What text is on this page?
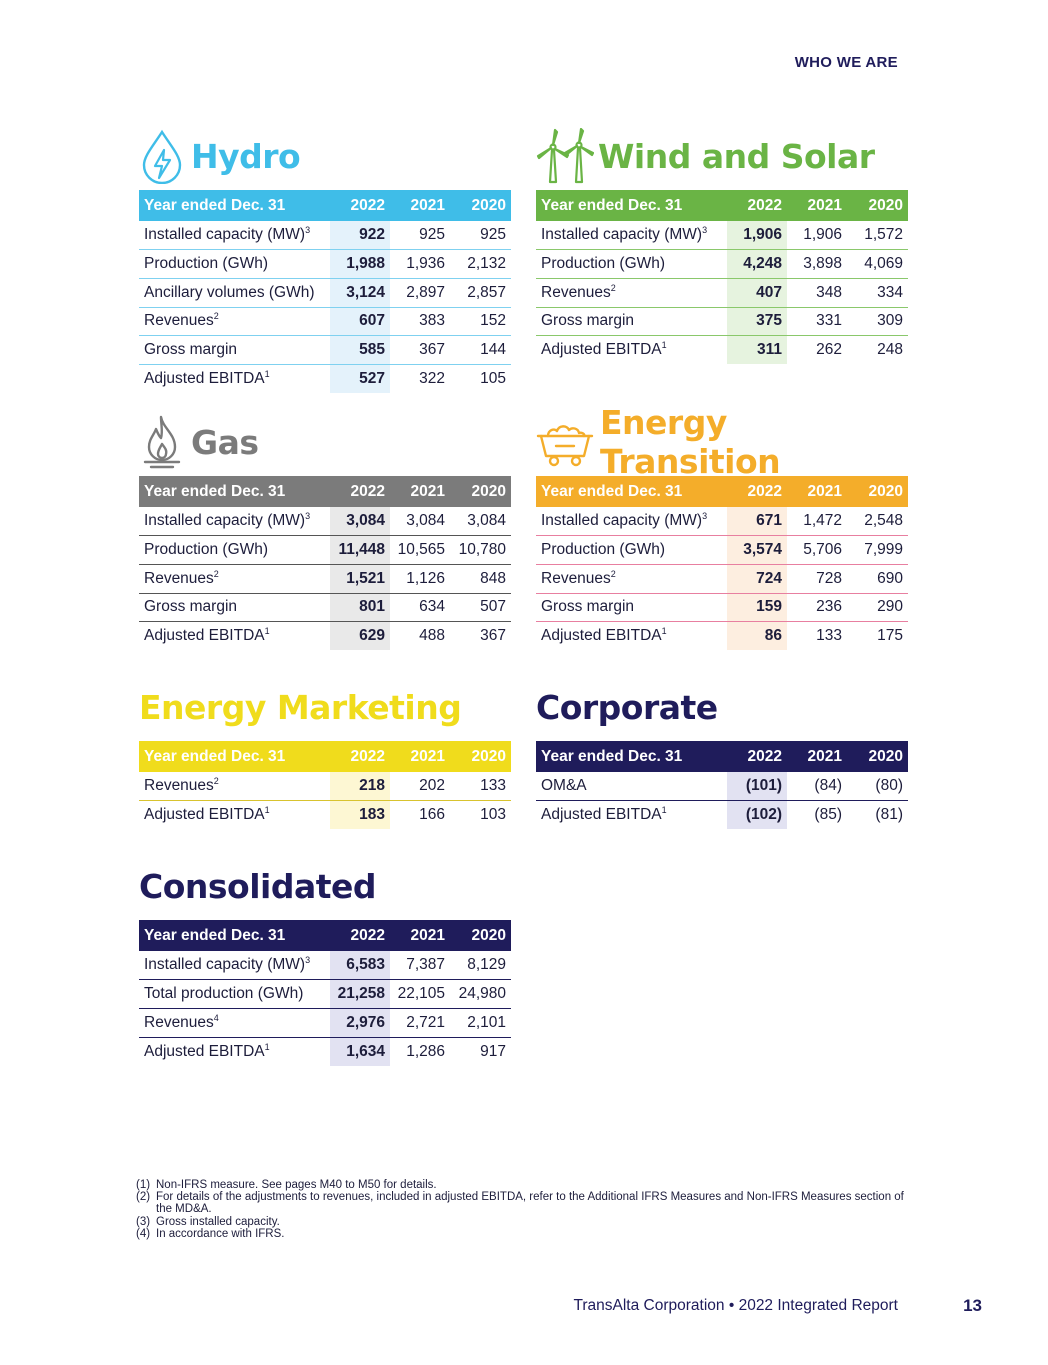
WHO WE ARE
Hydro
Year ended Dec. 31	2022	2021	2020
Installed capacity (MW)$^3$	922	925	925
Production (GWh)	1,988	1,936	2,132
Ancillary volumes (GWh)	3,124	2,897	2,857
Revenues$^2$	607	383	152
Gross margin	585	367	144
Adjusted EBITDA$^1$	527	322	105
Wind and Solar
Year ended Dec. 31	2022	2021	2020
Installed capacity (MW)$^3$	1,906	1,906	1,572
Production (GWh)	4,248	3,898	4,069
Revenues$^2$	407	348	334
Gross margin	375	331	309
Adjusted EBITDA$^1$	311	262	248
Gas
Year ended Dec. 31	2022	2021	2020
Installed capacity (MW)$^3$	3,084	3,084	3,084
Production (GWh)	11,448	10,565	10,780
Revenues$^2$	1,521	1,126	848
Gross margin	801	634	507
Adjusted EBITDA$^1$	629	488	367
Energy Transition
Year ended Dec. 31	2022	2021	2020
Installed capacity (MW)$^3$	671	1,472	2,548
Production (GWh)	3,574	5,706	7,999
Revenues$^2$	724	728	690
Gross margin	159	236	290
Adjusted EBITDA$^1$	86	133	175
Energy Marketing
Year ended Dec. 31	2022	2021	2020
Revenues$^2$	218	202	133
Adjusted EBITDA$^1$	183	166	103
Corporate
Year ended Dec. 31	2022	2021	2020
OM&A	(101)	(84)	(80)
Adjusted EBITDA$^1$	(102)	(85)	(81)
Consolidated
Year ended Dec. 31	2022	2021	2020
Installed capacity (MW)$^3$	6,583	7,387	8,129
Total production (GWh)	21,258	22,105	24,980
Revenues$^4$	2,976	2,721	2,101
Adjusted EBITDA$^1$	1,634	1,286	917
(1) Non-IFRS measure. See pages M40 to M50 for details.
(2) For details of the adjustments to revenues, included in adjusted EBITDA, refer to the Additional IFRS Measures and Non-IFRS Measures section of the MD&A.
(3) Gross installed capacity.
(4) In accordance with IFRS.
TransAlta Corporation • 2022 Integrated Report	13
